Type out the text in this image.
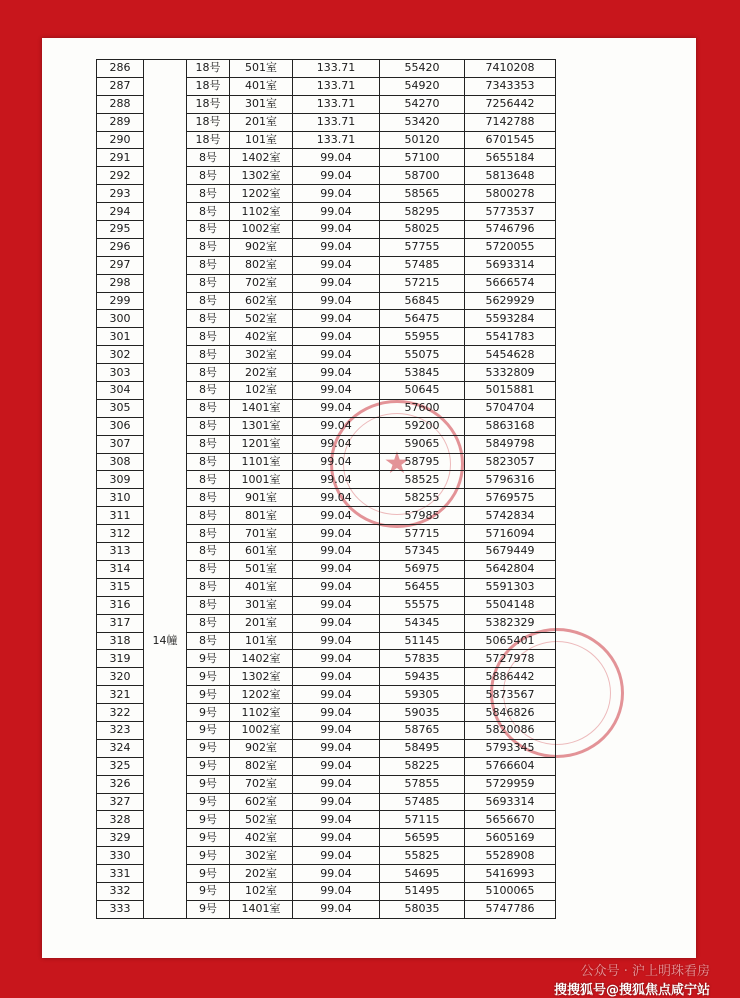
★
286		18号	501室	133.71	55420	7410208
287		18号	401室	133.71	54920	7343353
288		18号	301室	133.71	54270	7256442
289		18号	201室	133.71	53420	7142788
290		18号	101室	133.71	50120	6701545
291		8号	1402室	99.04	57100	5655184
292		8号	1302室	99.04	58700	5813648
293		8号	1202室	99.04	58565	5800278
294		8号	1102室	99.04	58295	5773537
295		8号	1002室	99.04	58025	5746796
296		8号	902室	99.04	57755	5720055
297		8号	802室	99.04	57485	5693314
298		8号	702室	99.04	57215	5666574
299		8号	602室	99.04	56845	5629929
300		8号	502室	99.04	56475	5593284
301		8号	402室	99.04	55955	5541783
302		8号	302室	99.04	55075	5454628
303		8号	202室	99.04	53845	5332809
304		8号	102室	99.04	50645	5015881
305		8号	1401室	99.04	57600	5704704
306		8号	1301室	99.04	59200	5863168
307		8号	1201室	99.04	59065	5849798
308		8号	1101室	99.04	58795	5823057
309		8号	1001室	99.04	58525	5796316
310		8号	901室	99.04	58255	5769575
311		8号	801室	99.04	57985	5742834
312		8号	701室	99.04	57715	5716094
313		8号	601室	99.04	57345	5679449
314		8号	501室	99.04	56975	5642804
315		8号	401室	99.04	56455	5591303
316		8号	301室	99.04	55575	5504148
317		8号	201室	99.04	54345	5382329
318	14幢	8号	101室	99.04	51145	5065401
319		9号	1402室	99.04	57835	5727978
320		9号	1302室	99.04	59435	5886442
321		9号	1202室	99.04	59305	5873567
322		9号	1102室	99.04	59035	5846826
323		9号	1002室	99.04	58765	5820086
324		9号	902室	99.04	58495	5793345
325		9号	802室	99.04	58225	5766604
326		9号	702室	99.04	57855	5729959
327		9号	602室	99.04	57485	5693314
328		9号	502室	99.04	57115	5656670
329		9号	402室	99.04	56595	5605169
330		9号	302室	99.04	55825	5528908
331		9号	202室	99.04	54695	5416993
332		9号	102室	99.04	51495	5100065
333		9号	1401室	99.04	58035	5747786
公众号 · 沪上明珠看房
搜搜狐号@搜狐焦点咸宁站
